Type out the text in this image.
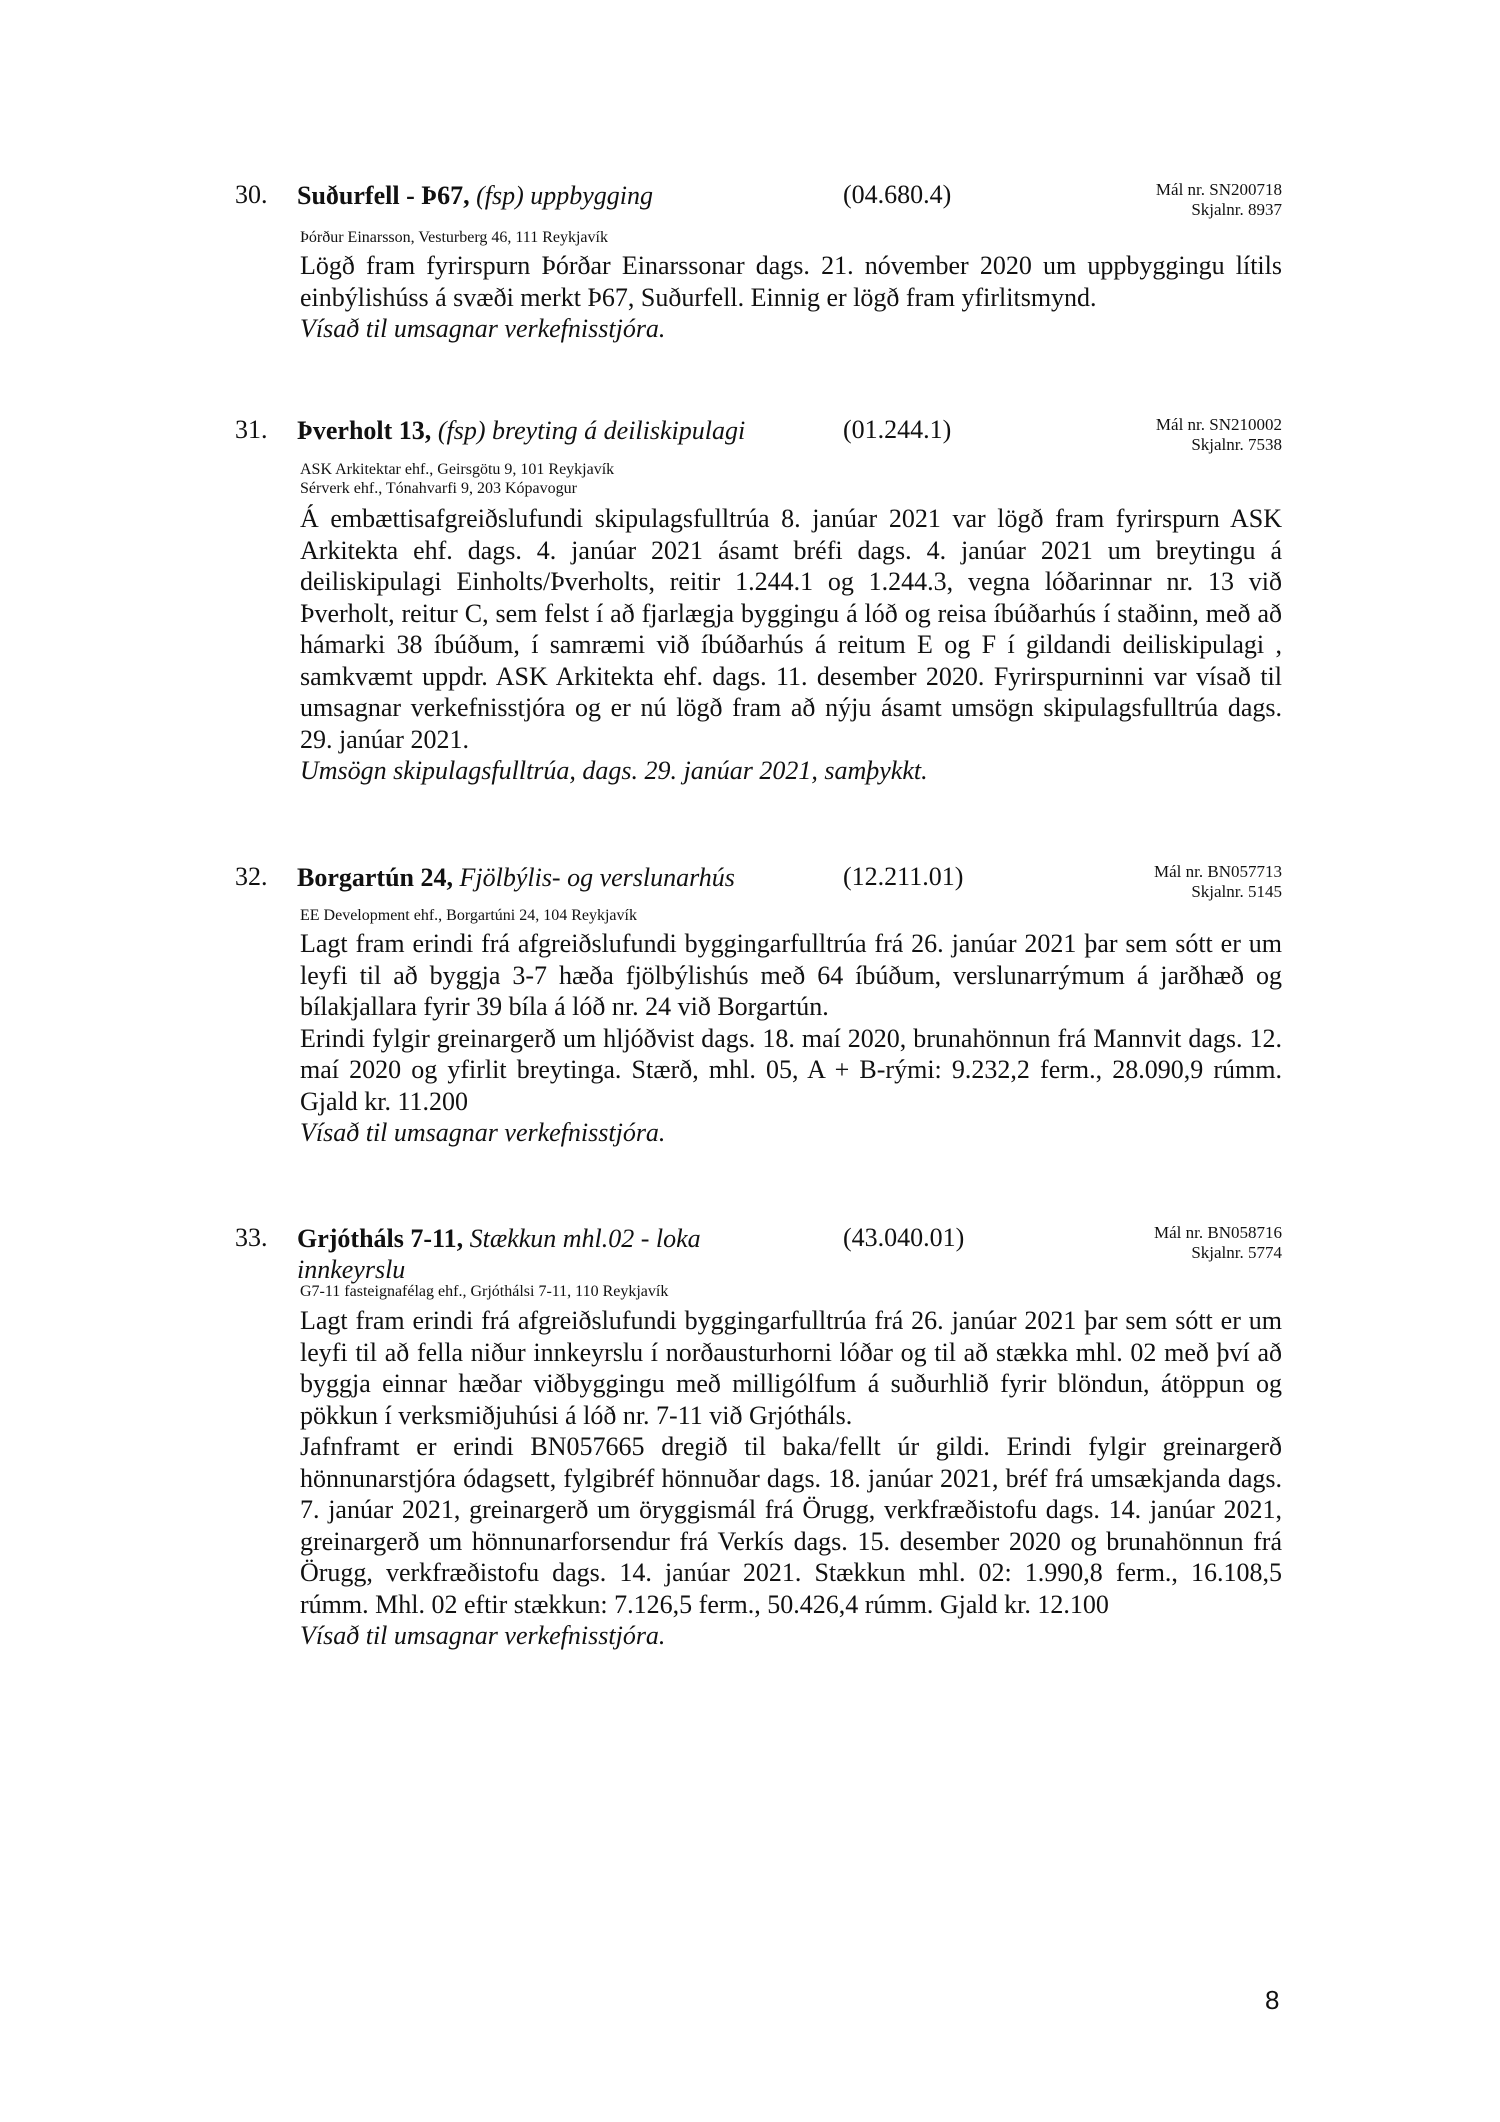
30. Suðurfell - Þ67, (fsp) uppbygging	(04.680.4)	Mál nr. SN200718
Skjalnr. 8937
Þórður Einarsson, Vesturberg 46, 111 Reykjavík

Lögð fram fyrirspurn Þórðar Einarssonar dags. 21. nóvember 2020 um uppbyggingu lítils einbýlishúss á svæði merkt Þ67, Suðurfell. Einnig er lögð fram yfirlitsmynd.

Vísað til umsagnar verkefnisstjóra.

31. Þverholt 13, (fsp) breyting á deiliskipulagi	(01.244.1)	Mál nr. SN210002
Skjalnr. 7538
ASK Arkitektar ehf., Geirsgötu 9, 101 Reykjavík
Sérverk ehf., Tónahvarfi 9, 203 Kópavogur

Á embættisafgreiðslufundi skipulagsfulltrúa 8. janúar 2021 var lögð fram fyrirspurn ASK Arkitekta ehf. dags. 4. janúar 2021 ásamt bréfi dags. 4. janúar 2021 um breytingu á deiliskipulagi Einholts/Þverholts, reitir 1.244.1 og 1.244.3, vegna lóðarinnar nr. 13 við Þverholt, reitur C, sem felst í að fjarlægja byggingu á lóð og reisa íbúðarhús í staðinn, með að hámarki 38 íbúðum, í samræmi við íbúðarhús á reitum E og F í gildandi deiliskipulagi , samkvæmt uppdr. ASK Arkitekta ehf. dags. 11. desember 2020. Fyrirspurninni var vísað til umsagnar verkefnisstjóra og er nú lögð fram að nýju ásamt umsögn skipulagsfulltrúa dags. 29. janúar 2021.

Umsögn skipulagsfulltrúa, dags. 29. janúar 2021, samþykkt.

32. Borgartún 24, Fjölbýlis- og verslunarhús	(12.211.01)	Mál nr. BN057713
Skjalnr. 5145
EE Development ehf., Borgartúni 24, 104 Reykjavík

Lagt fram erindi frá afgreiðslufundi byggingarfulltrúa frá 26. janúar 2021 þar sem sótt er um leyfi til að byggja 3-7 hæða fjölbýlishús með 64 íbúðum, verslunarrýmum á jarðhæð og bílakjallara fyrir 39 bíla á lóð nr. 24 við Borgartún.

Erindi fylgir greinargerð um hljóðvist dags. 18. maí 2020, brunahönnun frá Mannvit dags. 12. maí 2020 og yfirlit breytinga. Stærð, mhl. 05, A + B-rými: 9.232,2 ferm., 28.090,9 rúmm. Gjald kr. 11.200

Vísað til umsagnar verkefnisstjóra.

33. Grjótháls 7-11, Stækkun mhl.02 - loka innkeyrslu
(43.040.01)	Mál nr. BN058716
Skjalnr. 5774
G7-11 fasteignafélag ehf., Grjóthálsi 7-11, 110 Reykjavík

Lagt fram erindi frá afgreiðslufundi byggingarfulltrúa frá 26. janúar 2021 þar sem sótt er um leyfi til að fella niður innkeyrslu í norðausturhorni lóðar og til að stækka mhl. 02 með því að byggja einnar hæðar viðbyggingu með milligólfum á suðurhlið fyrir blöndun, átöppun og pökkun í verksmiðjuhúsi á lóð nr. 7-11 við Grjótháls.

Jafnframt er erindi BN057665 dregið til baka/fellt úr gildi. Erindi fylgir greinargerð hönnunarstjóra ódagsett, fylgibréf hönnuðar dags. 18. janúar 2021, bréf frá umsækjanda dags. 7. janúar 2021, greinargerð um öryggismál frá Örugg, verkfræðistofu dags. 14. janúar 2021, greinargerð um hönnunarforsendur frá Verkís dags. 15. desember 2020 og brunahönnun frá Örugg, verkfræðistofu dags. 14. janúar 2021. Stækkun mhl. 02: 1.990,8 ferm., 16.108,5 rúmm. Mhl. 02 eftir stækkun: 7.126,5 ferm., 50.426,4 rúmm. Gjald kr. 12.100

Vísað til umsagnar verkefnisstjóra.

8
